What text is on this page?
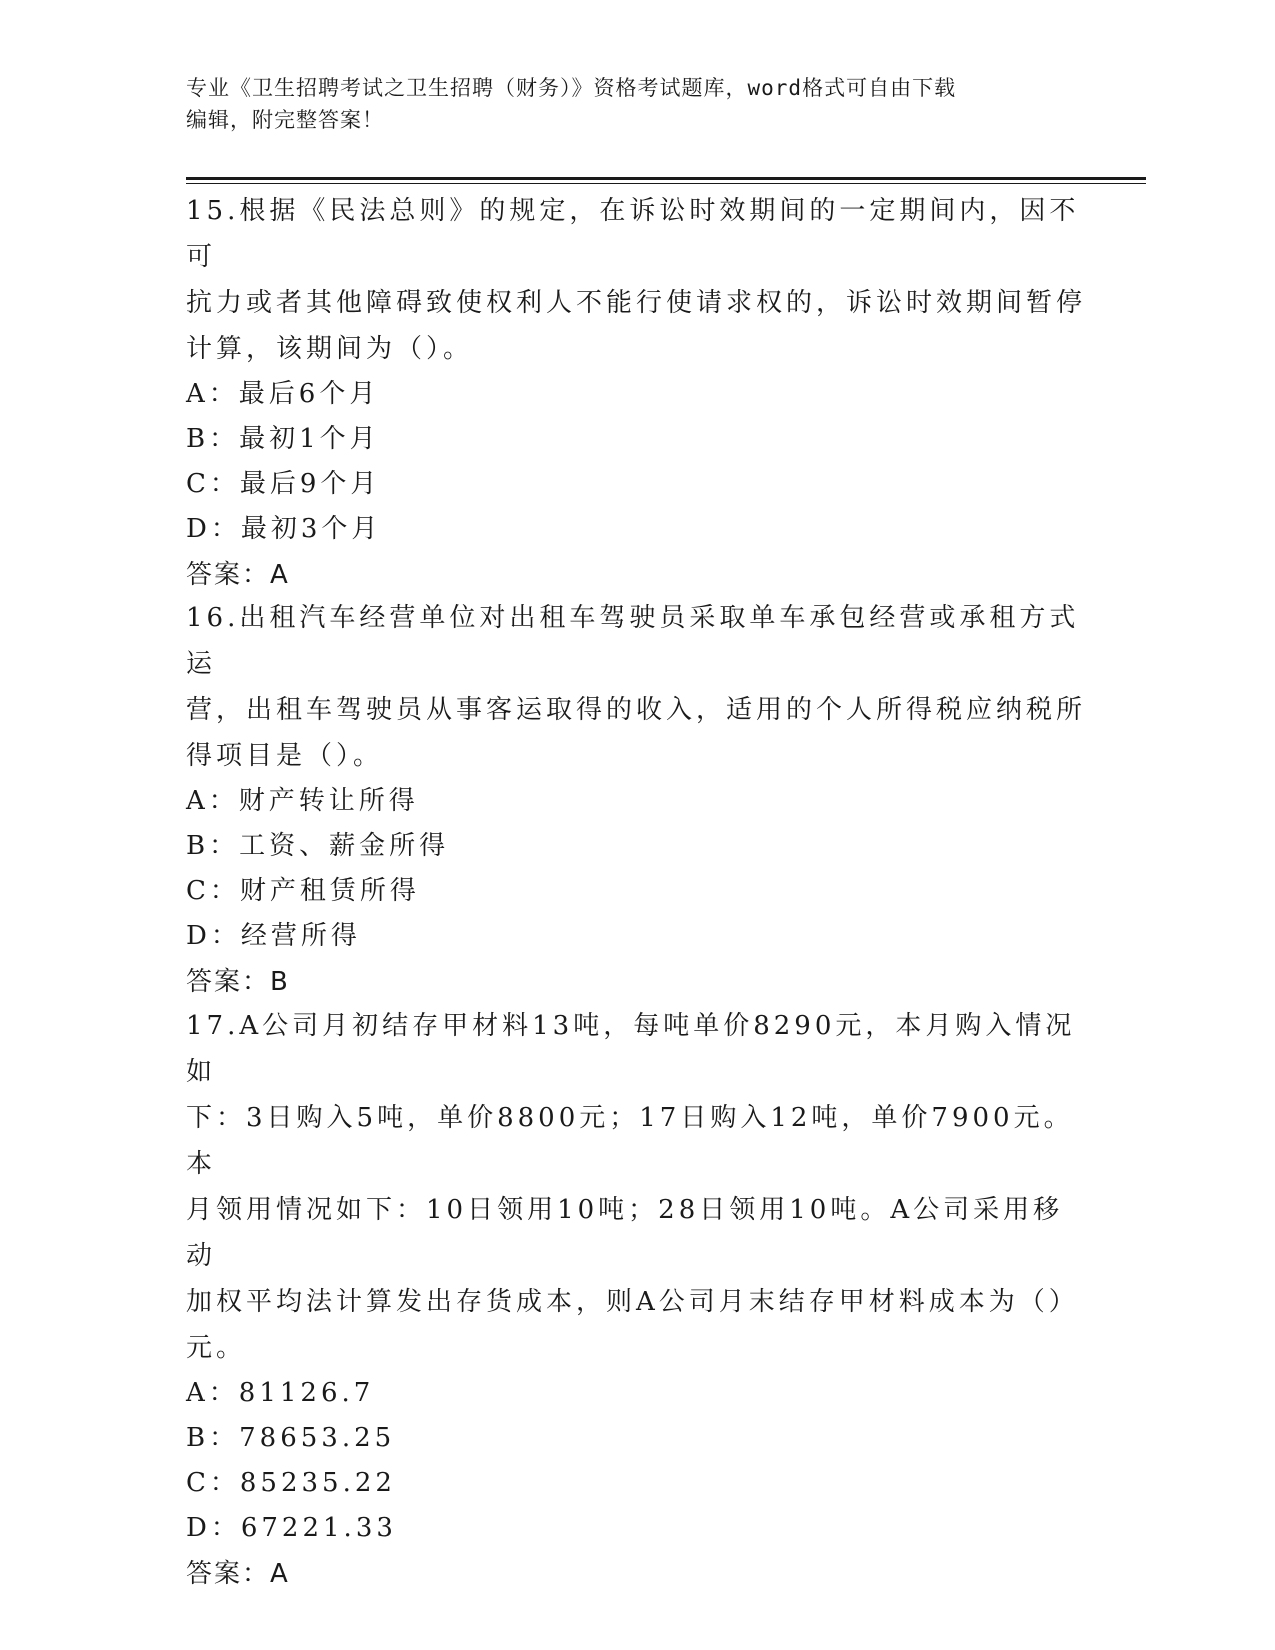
专业《卫生招聘考试之卫生招聘（财务）》资格考试题库，word格式可自由下载
编辑，附完整答案！

15.根据《民法总则》的规定，在诉讼时效期间的一定期间内，因不可

抗力或者其他障碍致使权利人不能行使请求权的，诉讼时效期间暂停

计算，该期间为（）。

A：最后6个月

B：最初1个月

C：最后9个月

D：最初3个月

答案：A

16.出租汽车经营单位对出租车驾驶员采取单车承包经营或承租方式运

营，出租车驾驶员从事客运取得的收入，适用的个人所得税应纳税所

得项目是（）。

A：财产转让所得

B：工资、薪金所得

C：财产租赁所得

D：经营所得

答案：B

17.A公司月初结存甲材料13吨，每吨单价8290元，本月购入情况如

下：3日购入5吨，单价8800元；17日购入12吨，单价7900元。本

月领用情况如下：10日领用10吨；28日领用10吨。A公司采用移动

加权平均法计算发出存货成本，则A公司月末结存甲材料成本为（）

元。

A：81126.7

B：78653.25

C：85235.22

D：67221.33

答案：A
